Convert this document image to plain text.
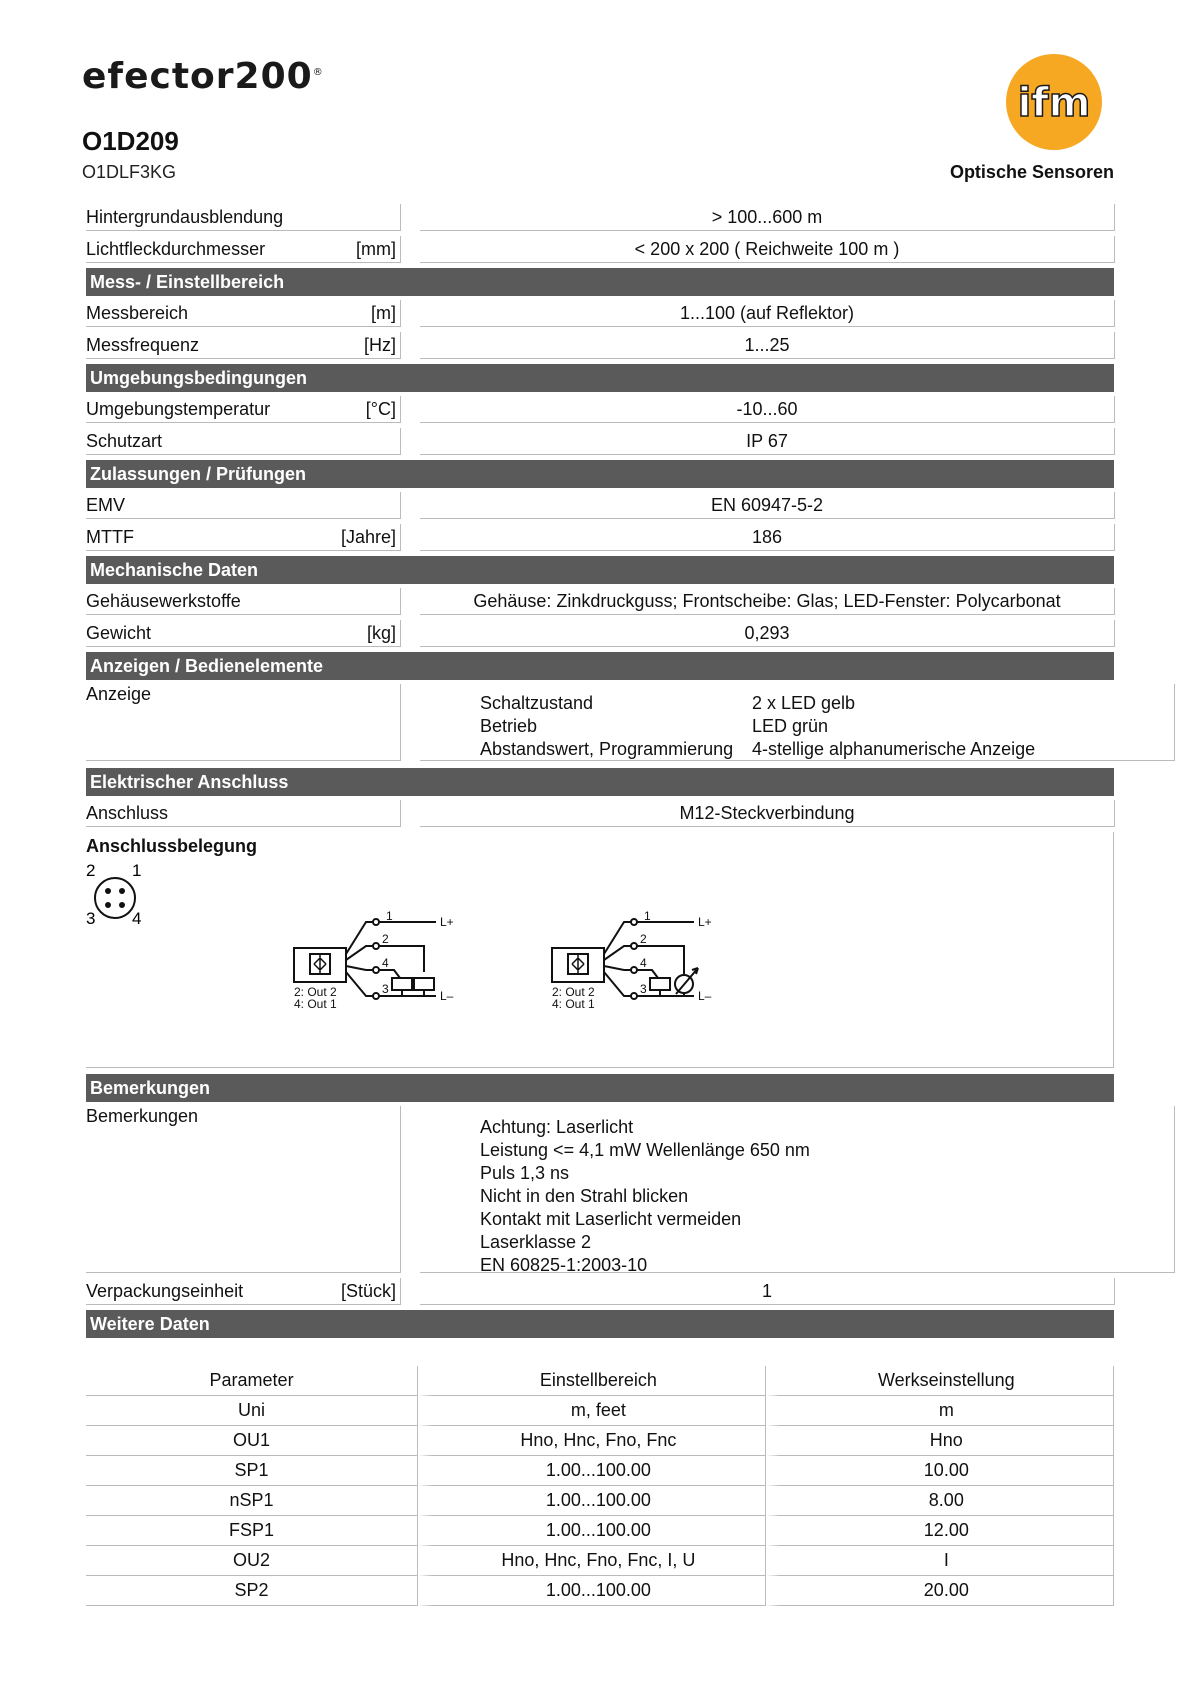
efector200®
O1D209
O1DLF3KG
ifm
Optische Sensoren
Hintergrundausblendung	> 100...600 m
Lichtfleckdurchmesser	[mm]	< 200 x 200 ( Reichweite 100 m )
Mess- / Einstellbereich
Messbereich	[m]	1...100 (auf Reflektor)
Messfrequenz	[Hz]	1...25
Umgebungsbedingungen
Umgebungstemperatur	[°C]	-10...60
Schutzart	IP 67
Zulassungen / Prüfungen
EMV	EN 60947-5-2
MTTF	[Jahre]	186
Mechanische Daten
Gehäusewerkstoffe	Gehäuse: Zinkdruckguss; Frontscheibe: Glas; LED-Fenster: Polycarbonat
Gewicht	[kg]	0,293
Anzeigen / Bedienelemente
Anzeige	Schaltzustand	2 x LED gelb
Betrieb	LED grün
Abstandswert, Programmierung	4-stellige alphanumerische Anzeige
Elektrischer Anschluss
Anschluss	M12-Steckverbindung
Anschlussbelegung
2 1
3 4	1
2
4
3
L+
L–
2: Out 2
4: Out 1
1
2
4
3
L+
L–
2: Out 2
4: Out 1
Bemerkungen
Bemerkungen
Achtung: Laserlicht
Leistung <= 4,1 mW Wellenlänge 650 nm
Puls 1,3 ns
Nicht in den Strahl blicken
Kontakt mit Laserlicht vermeiden
Laserklasse 2
EN 60825-1:2003-10
Verpackungseinheit	[Stück]	1
Weitere Daten
Parameter	Einstellbereich	Werkseinstellung
Uni	m, feet	m
OU1	Hno, Hnc, Fno, Fnc	Hno
SP1	1.00...100.00	10.00
nSP1	1.00...100.00	8.00
FSP1	1.00...100.00	12.00
OU2	Hno, Hnc, Fno, Fnc, I, U	I
SP2	1.00...100.00	20.00
